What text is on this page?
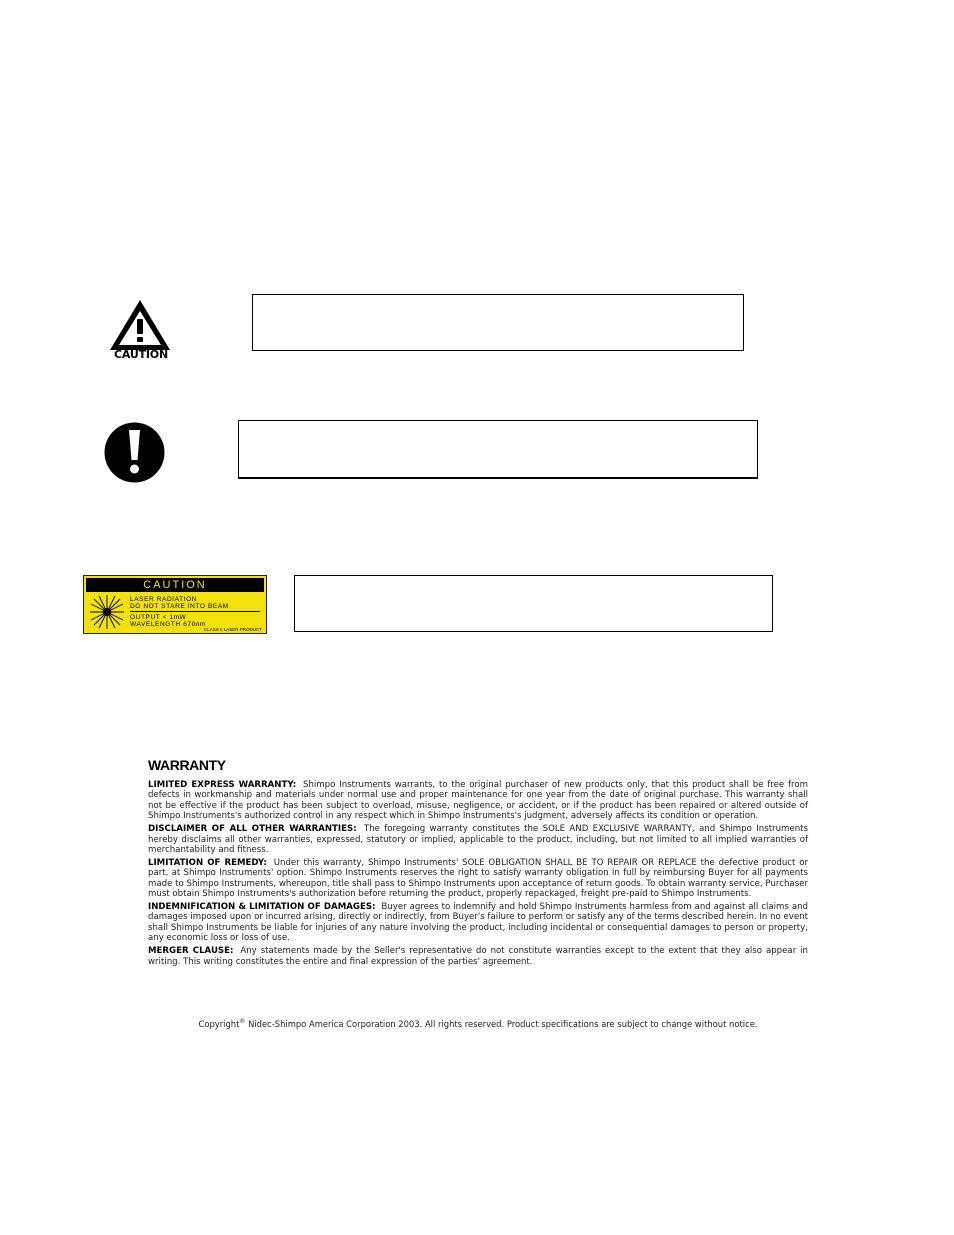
CAUTION
CAUTION
LASER RADIATION
DO NOT STARE INTO BEAM
OUTPUT < 1mW
WAVELENGTH 670nm
CLASS II LASER PRODUCT
WARRANTY

LIMITED EXPRESS WARRANTY: Shimpo Instruments warrants, to the original purchaser of new products only, that this product shall be free from defects in workmanship and materials under normal use and proper maintenance for one year from the date of original purchase. This warranty shall not be effective if the product has been subject to overload, misuse, negligence, or accident, or if the product has been repaired or altered outside of Shimpo Instruments's authorized control in any respect which in Shimpo Instruments's judgment, adversely affects its condition or operation.

DISCLAIMER OF ALL OTHER WARRANTIES: The foregoing warranty constitutes the SOLE AND EXCLUSIVE WARRANTY, and Shimpo Instruments hereby disclaims all other warranties, expressed, statutory or implied, applicable to the product, including, but not limited to all implied warranties of merchantability and fitness.

LIMITATION OF REMEDY: Under this warranty, Shimpo Instruments' SOLE OBLIGATION SHALL BE TO REPAIR OR REPLACE the defective product or part, at Shimpo Instruments' option. Shimpo Instruments reserves the right to satisfy warranty obligation in full by reimbursing Buyer for all payments made to Shimpo Instruments, whereupon, title shall pass to Shimpo Instruments upon acceptance of return goods. To obtain warranty service, Purchaser must obtain Shimpo Instruments's authorization before returning the product, properly repackaged, freight pre-paid to Shimpo Instruments.

INDEMNIFICATION & LIMITATION OF DAMAGES: Buyer agrees to indemnify and hold Shimpo Instruments harmless from and against all claims and damages imposed upon or incurred arising, directly or indirectly, from Buyer's failure to perform or satisfy any of the terms described herein. In no event shall Shimpo Instruments be liable for injuries of any nature involving the product, including incidental or consequential damages to person or property, any economic loss or loss of use.

MERGER CLAUSE: Any statements made by the Seller's representative do not constitute warranties except to the extent that they also appear in writing. This writing constitutes the entire and final expression of the parties' agreement.

Copyright® Nidec-Shimpo America Corporation 2003. All rights reserved. Product specifications are subject to change without notice.
